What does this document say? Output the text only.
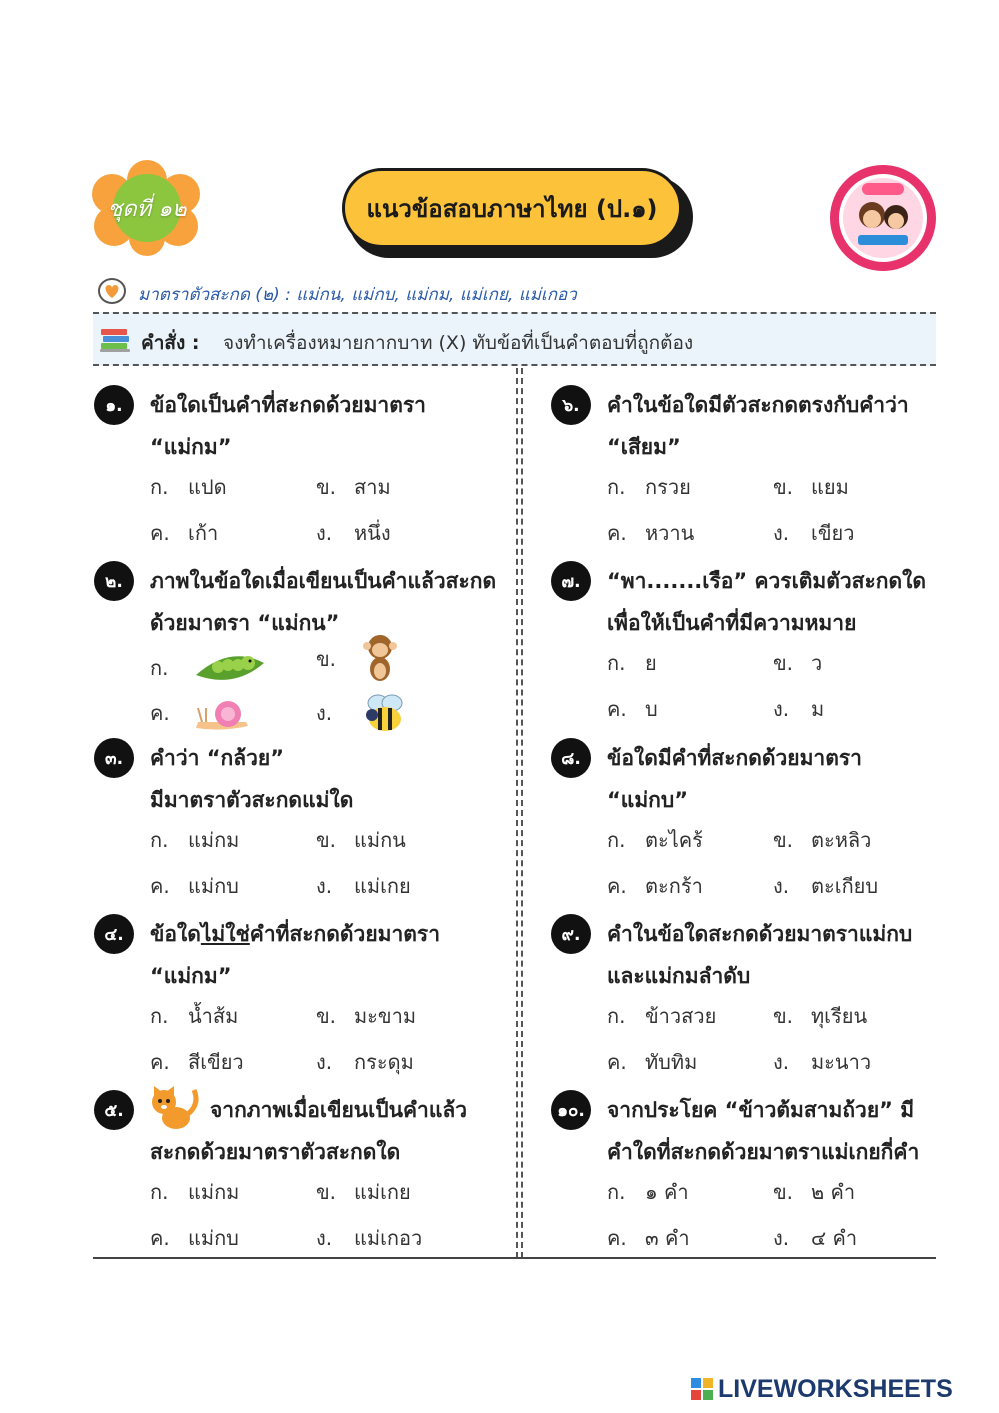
ชุดที่ ๑๒	แนวข้อสอบภาษาไทย (ป.๑)
มาตราตัวสะกด (๒) : แม่กน, แม่กบ, แม่กม, แม่เกย, แม่เกอว
คำสั่ง : จงทำเครื่องหมายกากบาท (X) ทับข้อที่เป็นคำตอบที่ถูกต้อง
๑.	ข้อใดเป็นคำที่สะกดด้วยมาตรา
“แม่กม”
ก. แปด	ข. สาม
ค. เก้า	ง. หนึ่ง
๒.	ภาพในข้อใดเมื่อเขียนเป็นคำแล้วสะกด
ด้วยมาตรา “แม่กน”
ก.	ข.
ค.	ง.
๓.	คำว่า “กล้วย”
มีมาตราตัวสะกดแม่ใด
ก. แม่กม	ข. แม่กน
ค. แม่กบ	ง. แม่เกย
๔.	ข้อใดไม่ใช่คำที่สะกดด้วยมาตรา
“แม่กม”
ก. น้ำส้ม	ข. มะขาม
ค. สีเขียว	ง. กระดุม
๕.	จากภาพเมื่อเขียนเป็นคำแล้ว
สะกดด้วยมาตราตัวสะกดใด
ก. แม่กม	ข. แม่เกย
ค. แม่กบ	ง. แม่เกอว
๖.	คำในข้อใดมีตัวสะกดตรงกับคำว่า
“เสียม”
ก. กรวย	ข. แยม
ค. หวาน	ง. เขียว
๗.	“พา.......เรือ” ควรเติมตัวสะกดใด
เพื่อให้เป็นคำที่มีความหมาย
ก. ย	ข. ว
ค. บ	ง. ม
๘.	ข้อใดมีคำที่สะกดด้วยมาตรา
“แม่กบ”
ก. ตะไคร้	ข. ตะหลิว
ค. ตะกร้า	ง. ตะเกียบ
๙.	คำในข้อใดสะกดด้วยมาตราแม่กบ
และแม่กมลำดับ
ก. ข้าวสวย	ข. ทุเรียน
ค. ทับทิม	ง. มะนาว
๑๐. จากประโยค “ข้าวต้มสามถ้วย” มี
คำใดที่สะกดด้วยมาตราแม่เกยกี่คำ
ก. ๑ คำ	ข. ๒ คำ
ค. ๓ คำ	ง. ๔ คำ
LIVEWORKSHEETS
